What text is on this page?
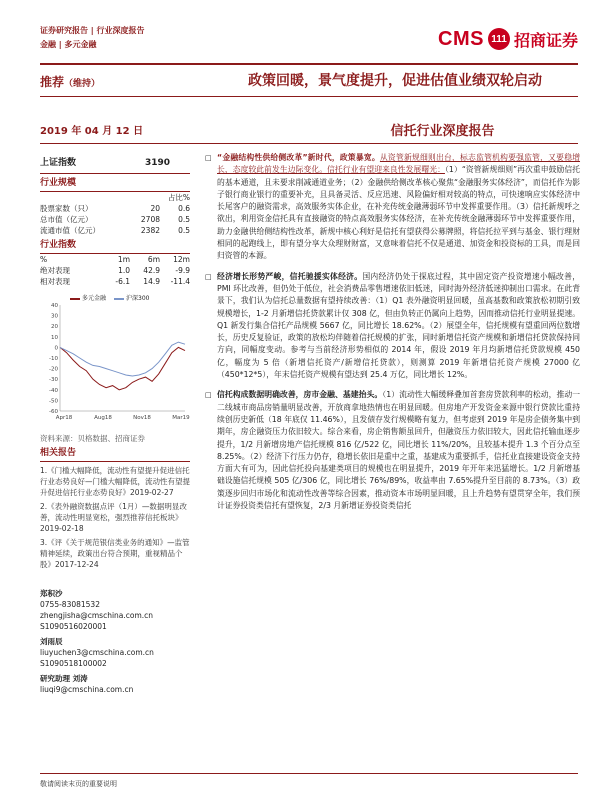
证券研究报告 | 行业深度报告
金融 | 多元金融	CMS 111 招商证券
推荐（维持）	政策回暖，景气度提升，促进估值业绩双轮启动
2019 年 04 月 12 日	信托行业深度报告
上证指数	3190
行业规模
占比%
股票家数（只）	20	0.6
总市值（亿元）	2708	0.5
流通市值（亿元）	2382	0.5
行业指数
%	1m	6m	12m
绝对表现	1.0	42.9	-9.9
相对表现	-6.1	14.9	-11.4
多元金融	沪深300
40
30
20
10
0
-10
-20
-30
-40
-50
-60
Apr18	Aug18	Nov18	Mar19
资料来源：贝格数据、招商证券
相关报告
1.《门槛大幅降低，流动性有望提升促进信托行业态势良好—门槛大幅降低，流动性有望提升促进信托行业态势良好》2019-02-27
2.《表外融资数据点评（1月）—数据明显改善，流动性明显宽松，强烈推荐信托板块》2019-02-18
3.《评《关于规范银信类业务的通知》—监管精神延续，政策出台符合预期，重视精品个股》2017-12-24
郑积沙
0755-83081532
zhengjisha@cmschina.com.cn
S1090516020001
刘雨辰
liuyuchen3@cmschina.com.cn
S1090518100002
研究助理 刘涛
liuqi9@cmschina.com.cn

□ “金融结构性供给侧改革”新时代，政策暴宽。从资管新规细则出台，标志监管机构要强监管，又要稳增长，态度较此前发生边际变化。信托行业有望迎来良性发展曙光：（1）“资管新规细则”再次重申鼓励信托的基本通道，且未要求削减通道业务；（2）金融供给侧改革核心聚焦“金融服务实体经济”，而信托作为影子银行商业银行的重要补充，且具备灵活、反应迅速、风险偏好相对较高的特点，可快速响应实体经济中长尾客户的融资需求，高效服务实体企业，在补充传统金融薄弱环节中发挥重要作用。（3）信托新规呼之欲出，利用资金信托具有直接融资的特点高效服务实体经济，在补充传统金融薄弱环节中发挥重要作用，助力金融供给侧结构性改革，新规中核心利好是信托有望获得公募牌照，将信托拉平到与基金、银行理财相同的起跑线上，即有望分享大众理财财富，又意味着信托不仅是通道、加资金和投资标的工具，而是回归资管的本源。

□ 经济增长形势严峻，信托驰援实体经济。国内经济仍处于探底过程，其中固定资产投资增速小幅改善，PMI 环比改善，但仍处于低位，社会消费品零售增速依旧低迷，同时海外经济低迷抑制出口需求。在此背景下，我们认为信托总量数据有望持续改善：（1）Q1 表外融资明显回暖，虽高基数和政策放松初期引致规模增长，1-2 月新增信托贷款累计仅 308 亿，但由负转正仍属向上趋势，因而推动信托行业明显提速。Q1 新发行集合信托产品规模 5667 亿，同比增长 18.62%。（2）展望全年，信托规模有望重回两位数增长，历史反复验证，政策的放松均伴随着信托规模的扩张，同时新增信托资产规模和新增信托贷款保持同方向，同幅度变动。参考与当前经济形势相似的 2014 年，假设 2019 年月均新增信托贷款规模 450 亿，幅度为 5 倍（新增信托资产/新增信托贷款），则测算 2019 年新增信托资产规模 27000 亿（450*12*5），年末信托资产规模有望达到 25.4 万亿，同比增长 12%。

□ 信托构成数据明确改善，房市金融、基建抬头。（1）流动性大幅缓释叠加首套房贷款利率的松动，推动一二线城市商品房销量明显改善，开放商拿地热情也在明显回暖。但房地产开发资金来源中银行贷款比重持续创历史新低（18 年底仅 11.46%），且发债存发行规模略有复力，但考虑到 2019 年是房企债务集中到期年，房企融资压力依旧较大。综合来看，房企销售额虽回升，但融资压力依旧较大，因此信托输血逐步提升，1/2 月新增房地产信托规模 816 亿/522 亿，同比增长 11%/20%，且较基本提升 1.3 个百分点至 8.25%。（2）经济下行压力仍存，稳增长依旧是重中之重，基建成为重要抓手，信托业直接建设资金支持方面大有可为，因此信托投向基建类项目的规模也在明显提升，2019 年开年来迅猛增长。1/2 月新增基础设施信托规模 505 亿/306 亿，同比增长 76%/89%，收益率由 7.65%提升至目前的 8.73%。（3）政策逐步回归市场化和流动性改善等综合因素，推动资本市场明显回暖，且上升趋势有望贯穿全年，我们预计证券投资类信托有望恢复，2/3 月新增证券投资类信托

敬请阅读末页的重要说明
